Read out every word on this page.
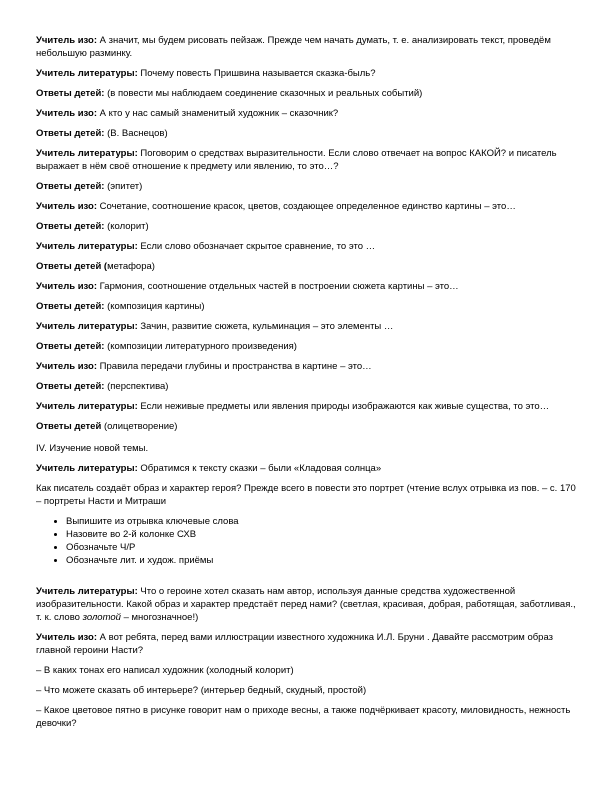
Учитель изо: А значит, мы будем рисовать пейзаж. Прежде чем начать думать, т. е. анализировать текст, проведём небольшую разминку.

Учитель литературы: Почему повесть Пришвина называется сказка-быль?

Ответы детей: (в повести мы наблюдаем соединение сказочных и реальных событий)

Учитель изо: А кто у нас самый знаменитый художник – сказочник?

Ответы детей: (В. Васнецов)

Учитель литературы: Поговорим о средствах выразительности. Если слово отвечает на вопрос КАКОЙ? и писатель выражает в нём своё отношение к предмету или явлению, то это…?

Ответы детей: (эпитет)

Учитель изо: Сочетание, соотношение красок, цветов, создающее определенное единство картины – это…

Ответы детей: (колорит)

Учитель литературы: Если слово обозначает скрытое сравнение, то это …

Ответы детей (метафора)

Учитель изо: Гармония, соотношение отдельных частей в построении сюжета картины – это…

Ответы детей: (композиция картины)

Учитель литературы: Зачин, развитие сюжета, кульминация – это элементы …

Ответы детей: (композиции литературного произведения)

Учитель изо: Правила передачи глубины и пространства в картине – это…

Ответы детей: (перспектива)

Учитель литературы: Если неживые предметы или явления природы изображаются как живые существа, то это…

Ответы детей (олицетворение)

IV. Изучение новой темы.

Учитель литературы: Обратимся к тексту сказки – были «Кладовая солнца»

Как писатель создаёт образ и характер героя? Прежде всего в повести это портрет (чтение вслух отрывка из пов. – с. 170 – портреты Насти и Митраши

• Выпишите из отрывка ключевые слова
• Назовите во 2-й колонке СХВ
• Обозначьте Ч/Р
• Обозначьте лит. и худож. приёмы

Учитель литературы: Что о героине хотел сказать нам автор, используя данные средства художественной изобразительности. Какой образ и характер предстаёт перед нами? (светлая, красивая, добрая, работящая, заботливая., т. к. слово золотой – многозначное!)

Учитель изо: А вот ребята, перед вами иллюстрации известного художника И.Л. Бруни . Давайте рассмотрим образ главной героини Насти?

– В каких тонах его написал художник (холодный колорит)

– Что можете сказать об интерьере? (интерьер бедный, скудный, простой)

– Какое цветовое пятно в рисунке говорит нам о приходе весны, а также подчёркивает красоту, миловидность, нежность девочки?
